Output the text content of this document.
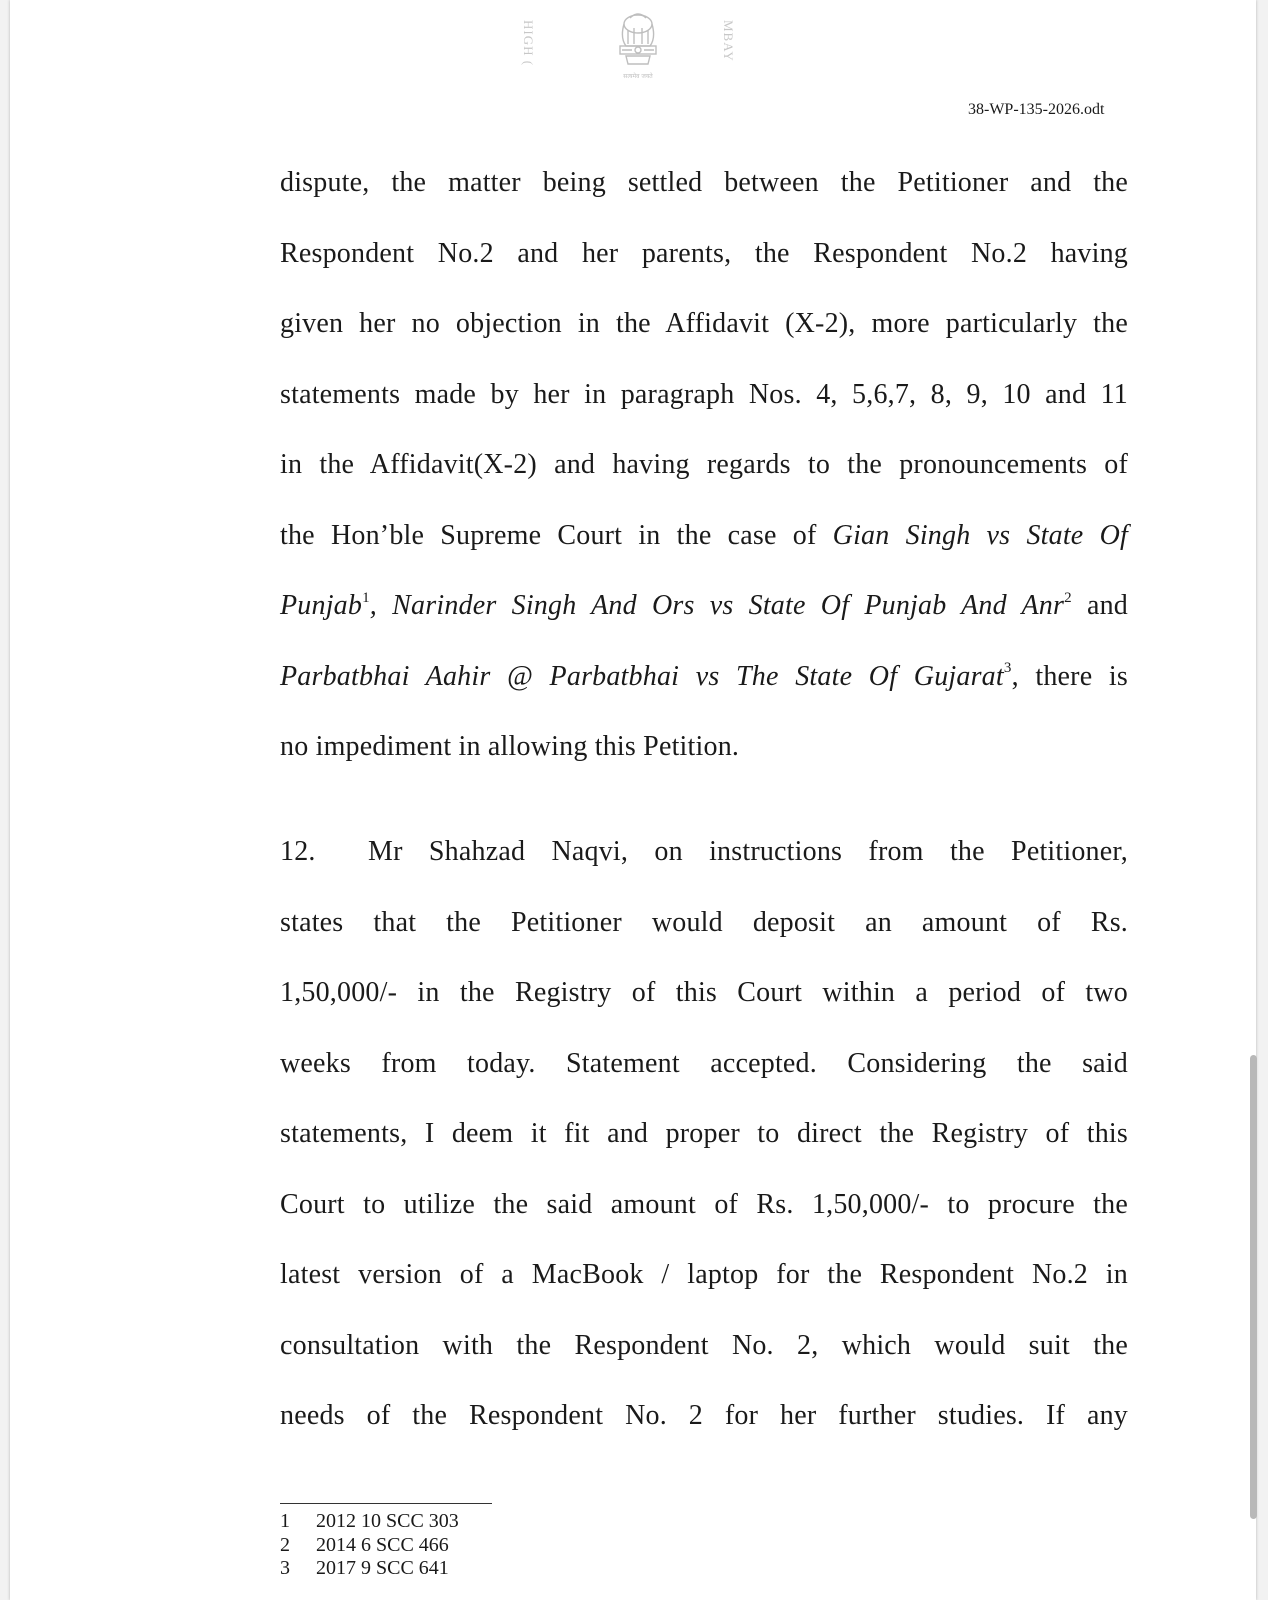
HIGH (
सत्यमेव जयते
MBAY
38-WP-135-2026.odt
dispute, the matter being settled between the Petitioner and the
Respondent No.2 and her parents, the Respondent No.2 having
given her no objection in the Affidavit (X-2), more particularly the
statements made by her in paragraph Nos. 4, 5,6,7, 8, 9, 10 and 11
in the Affidavit(X-2) and having regards to the pronouncements of
the Hon’ble Supreme Court in the case of Gian Singh vs State Of
Punjab$^1$, Narinder Singh And Ors vs State Of Punjab And Anr$^2$ and
Parbatbhai Aahir @ Parbatbhai vs The State Of Gujarat$^3$, there is
no impediment in allowing this Petition.
12. Mr Shahzad Naqvi, on instructions from the Petitioner,
states that the Petitioner would deposit an amount of Rs.
1,50,000/- in the Registry of this Court within a period of two
weeks from today. Statement accepted. Considering the said
statements, I deem it fit and proper to direct the Registry of this
Court to utilize the said amount of Rs. 1,50,000/- to procure the
latest version of a MacBook / laptop for the Respondent No.2 in
consultation with the Respondent No. 2, which would suit the
needs of the Respondent No. 2 for her further studies. If any
1 2012 10 SCC 303
2 2014 6 SCC 466
3 2017 9 SCC 641
